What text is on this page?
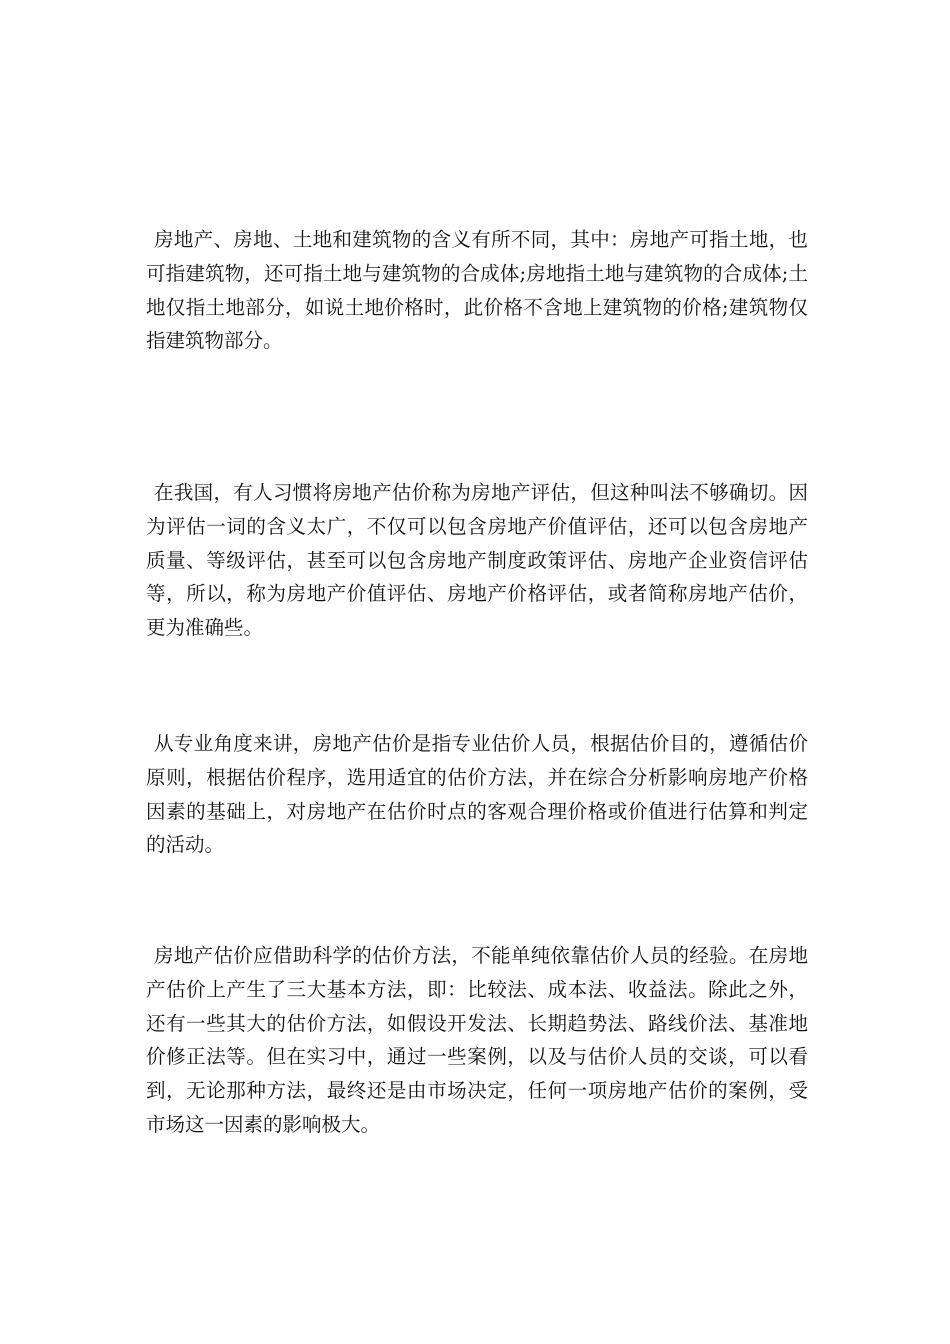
房地产、房地、土地和建筑物的含义有所不同，其中：房地产可指土地，也可指建筑物，还可指土地与建筑物的合成体;房地指土地与建筑物的合成体;土地仅指土地部分，如说土地价格时，此价格不含地上建筑物的价格;建筑物仅指建筑物部分。

在我国，有人习惯将房地产估价称为房地产评估，但这种叫法不够确切。因为评估一词的含义太广，不仅可以包含房地产价值评估，还可以包含房地产质量、等级评估，甚至可以包含房地产制度政策评估、房地产企业资信评估等，所以，称为房地产价值评估、房地产价格评估，或者简称房地产估价，更为准确些。

从专业角度来讲，房地产估价是指专业估价人员，根据估价目的，遵循估价原则，根据估价程序，选用适宜的估价方法，并在综合分析影响房地产价格因素的基础上，对房地产在估价时点的客观合理价格或价值进行估算和判定的活动。

房地产估价应借助科学的估价方法，不能单纯依靠估价人员的经验。在房地产估价上产生了三大基本方法，即：比较法、成本法、收益法。除此之外，还有一些其大的估价方法，如假设开发法、长期趋势法、路线价法、基准地价修正法等。但在实习中，通过一些案例，以及与估价人员的交谈，可以看到，无论那种方法，最终还是由市场决定，任何一项房地产估价的案例，受市场这一因素的影响极大。
